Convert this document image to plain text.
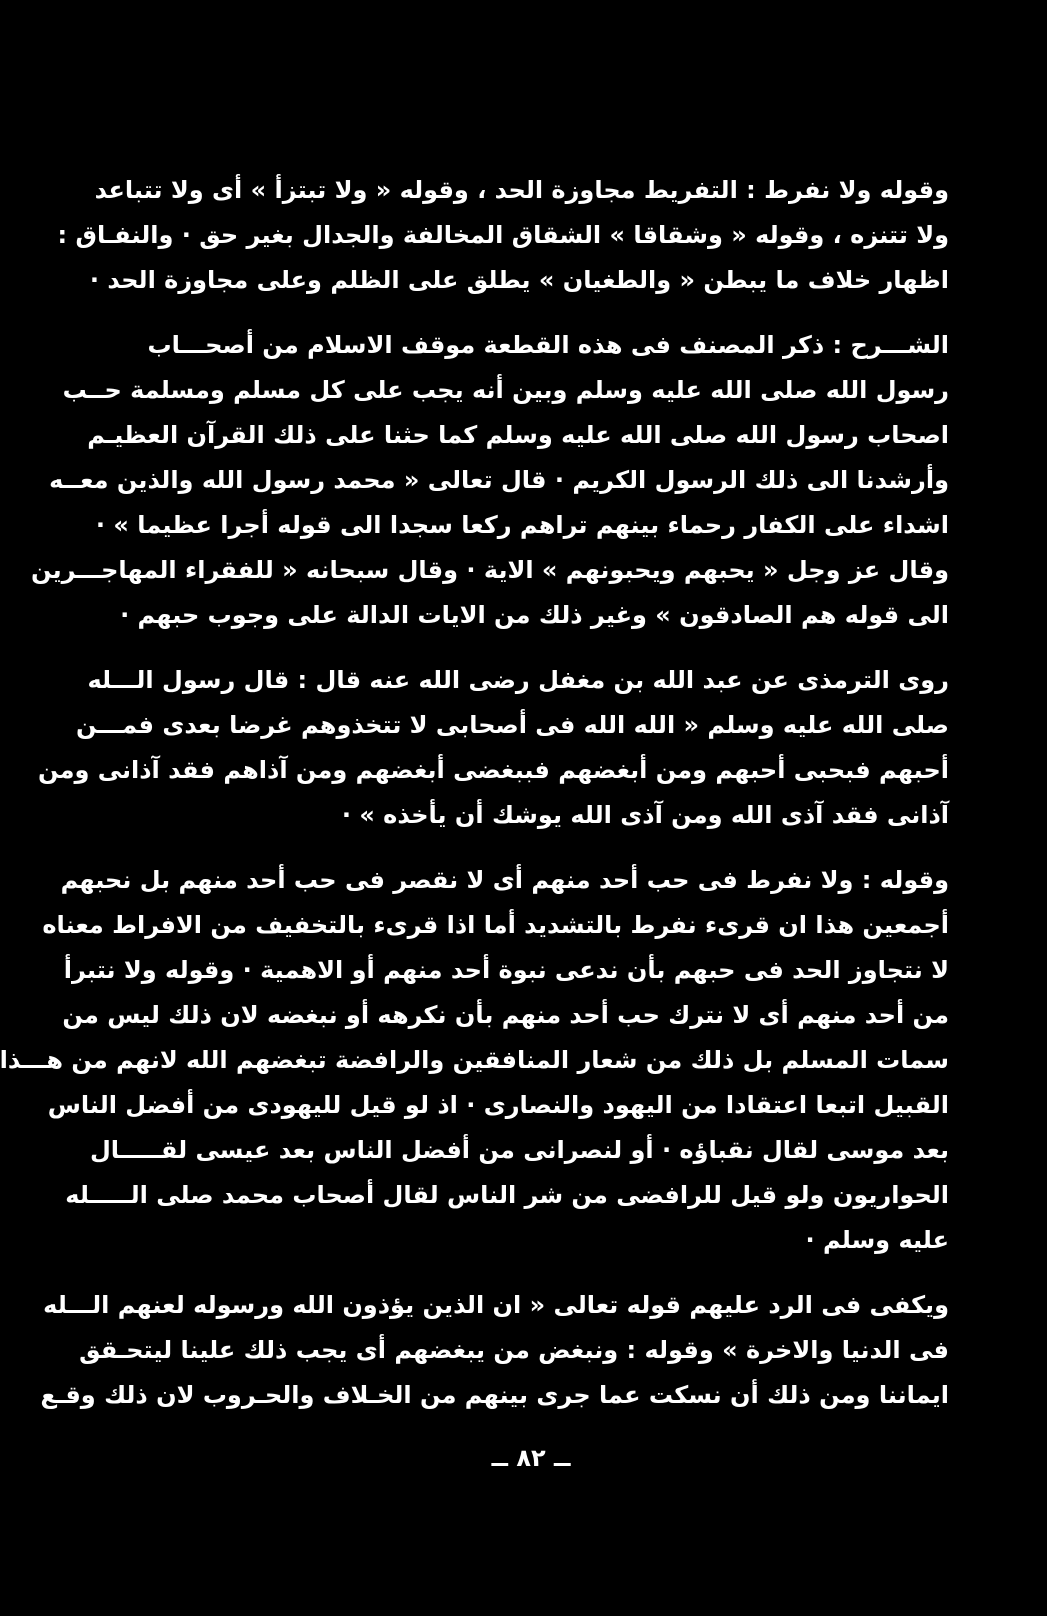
وقوله ولا نفرط : التفريط مجاوزة الحد ، وقوله « ولا تبتزأ » أى ولا تتباعد
ولا تتنزه ، وقوله « وشقاقا » الشقاق المخالفة والجدال بغير حق · والنفـاق :
اظهار خلاف ما يبطن « والطغيان » يطلق على الظلم وعلى مجاوزة الحد ·
الشـــرح : ذكر المصنف فى هذه القطعة موقف الاسلام من أصحـــاب
رسول الله صلى الله عليه وسلم وبين أنه يجب على كل مسلم ومسلمة حــب
اصحاب رسول الله صلى الله عليه وسلم كما حثنا على ذلك القرآن العظيـم
وأرشدنا الى ذلك الرسول الكريم · قال تعالى « محمد رسول الله والذين معــه
اشداء على الكفار رحماء بينهم تراهم ركعا سجدا الى قوله أجرا عظيما » ·
وقال عز وجل « يحبهم ويحبونهم » الاية · وقال سبحانه « للفقراء المهاجـــرين
الى قوله هم الصادقون » وغير ذلك من الايات الدالة على وجوب حبهم ·
روى الترمذى عن عبد الله بن مغفل رضى الله عنه قال : قال رسول الـــله
صلى الله عليه وسلم « الله الله فى أصحابى لا تتخذوهم غرضا بعدى فمـــن
أحبهم فبحبى أحبهم ومن أبغضهم فببغضى أبغضهم ومن آذاهم فقد آذانى ومن
آذانى فقد آذى الله ومن آذى الله يوشك أن يأخذه » ·
وقوله : ولا نفرط فى حب أحد منهم أى لا نقصر فى حب أحد منهم بل نحبهم
أجمعين هذا ان قرىء نفرط بالتشديد أما اذا قرىء بالتخفيف من الافراط معناه
لا نتجاوز الحد فى حبهم بأن ندعى نبوة أحد منهم أو الاهمية · وقوله ولا نتبرأ
من أحد منهم أى لا نترك حب أحد منهم بأن نكرهه أو نبغضه لان ذلك ليس من
سمات المسلم بل ذلك من شعار المنافقين والرافضة تبغضهم الله لانهم من هـــذا
القبيل اتبعا اعتقادا من اليهود والنصارى · اذ لو قيل لليهودى من أفضل الناس
بعد موسى لقال نقباؤه · أو لنصرانى من أفضل الناس بعد عيسى لقـــــال
الحواريون ولو قيل للرافضى من شر الناس لقال أصحاب محمد صلى الـــــله
عليه وسلم ·
ويكفى فى الرد عليهم قوله تعالى « ان الذين يؤذون الله ورسوله لعنهم الـــله
فى الدنيا والاخرة » وقوله : ونبغض من يبغضهم أى يجب ذلك علينا ليتحـقق
ايماننا ومن ذلك أن نسكت عما جرى بينهم من الخـلاف والحـروب لان ذلك وقـع
ــ ٨٢ ــ
